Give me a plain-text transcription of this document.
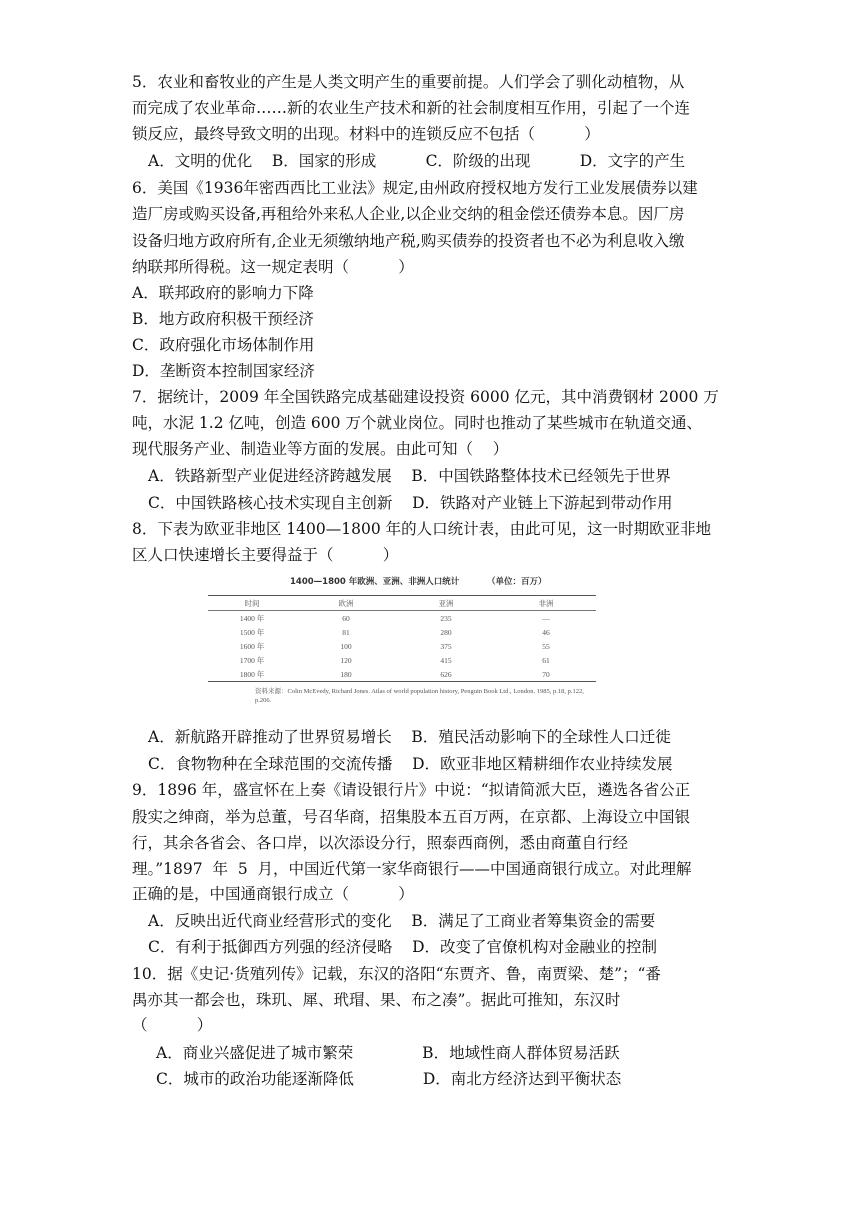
5．农业和畜牧业的产生是人类文明产生的重要前提。人们学会了驯化动植物，从
而完成了农业革命……新的农业生产技术和新的社会制度相互作用，引起了一个连
锁反应，最终导致文明的出现。材料中的连锁反应不包括（          ）
A．文明的优化    B．国家的形成          C．阶级的出现          D．文字的产生
6．美国《1936年密西西比工业法》规定,由州政府授权地方发行工业发展债券以建
造厂房或购买设备,再租给外来私人企业,以企业交纳的租金偿还债券本息。因厂房
设备归地方政府所有,企业无须缴纳地产税,购买债券的投资者也不必为利息收入缴
纳联邦所得税。这一规定表明（          ）
A．联邦政府的影响力下降
B．地方政府积极干预经济
C．政府强化市场体制作用
D．垄断资本控制国家经济
7．据统计，2009 年全国铁路完成基础建设投资 6000 亿元，其中消费钢材 2000 万
吨，水泥 1.2 亿吨，创造 600 万个就业岗位。同时也推动了某些城市在轨道交通、
现代服务产业、制造业等方面的发展。由此可知（    ）
A．铁路新型产业促进经济跨越发展    B．中国铁路整体技术已经领先于世界
C．中国铁路核心技术实现自主创新    D．铁路对产业链上下游起到带动作用
8．下表为欧亚非地区 1400—1800 年的人口统计表，由此可见，这一时期欧亚非地
区人口快速增长主要得益于（          ）
1400—1800 年欧洲、亚洲、非洲人口统计	（单位：百万）
时间	欧洲	亚洲	非洲
1400 年	60	235	—
1500 年	81	280	46
1600 年	100	375	55
1700 年	120	415	61
1800 年	180	626	70
资料来源：Colin McEvedy, Richard Jones. Atlas of world population history, Penguin Book Ltd., London. 1985, p.18, p.122, p.206.
A．新航路开辟推动了世界贸易增长    B．殖民活动影响下的全球性人口迁徙
C．食物物种在全球范围的交流传播    D．欧亚非地区精耕细作农业持续发展
9．1896 年，盛宣怀在上奏《请设银行片》中说：“拟请简派大臣，遴选各省公正
殷实之绅商，举为总董，号召华商，招集股本五百万两，在京都、上海设立中国银
行，其余各省会、各口岸，以次添设分行，照泰西商例，悉由商董自行经
理。”1897  年  5  月，中国近代第一家华商银行——中国通商银行成立。对此理解
正确的是，中国通商银行成立（          ）
A．反映出近代商业经营形式的变化    B．满足了工商业者筹集资金的需要
C．有利于抵御西方列强的经济侵略    D．改变了官僚机构对金融业的控制
10．据《史记·货殖列传》记载，东汉的洛阳“东贾齐、鲁，南贾梁、楚”；“番
禺亦其一都会也，珠玑、犀、玳瑁、果、布之凑”。据此可推知，东汉时
（          ）
A．商业兴盛促进了城市繁荣              B．地域性商人群体贸易活跃
C．城市的政治功能逐渐降低              D．南北方经济达到平衡状态
